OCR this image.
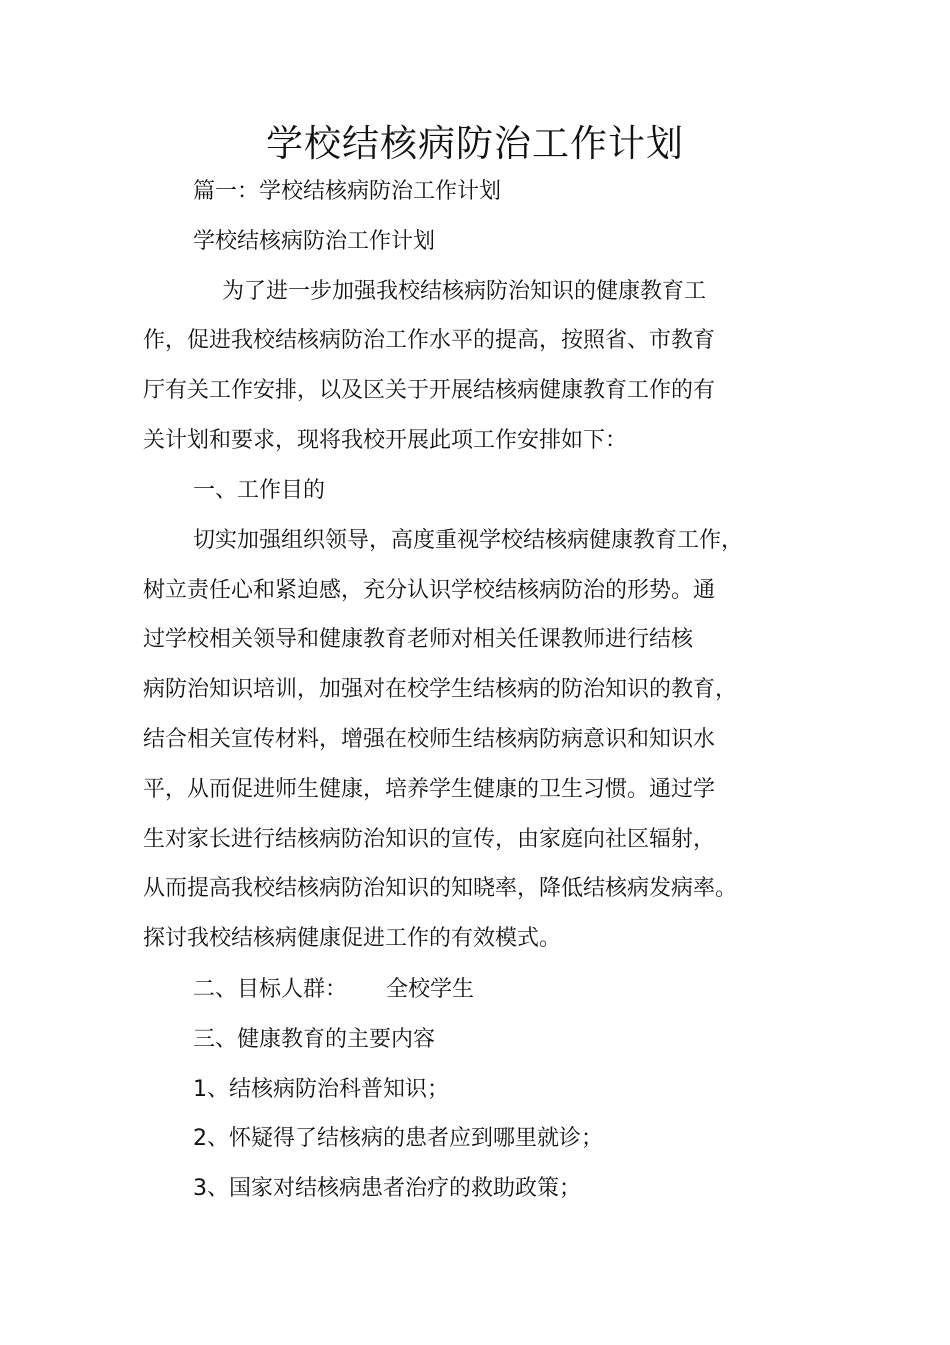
学校结核病防治工作计划

篇一：学校结核病防治工作计划

学校结核病防治工作计划

为了进一步加强我校结核病防治知识的健康教育工

作，促进我校结核病防治工作水平的提高，按照省、市教育

厅有关工作安排，以及区关于开展结核病健康教育工作的有

关计划和要求，现将我校开展此项工作安排如下：

一、工作目的

切实加强组织领导，高度重视学校结核病健康教育工作，

树立责任心和紧迫感，充分认识学校结核病防治的形势。通

过学校相关领导和健康教育老师对相关任课教师进行结核

病防治知识培训，加强对在校学生结核病的防治知识的教育，

结合相关宣传材料，增强在校师生结核病防病意识和知识水

平，从而促进师生健康，培养学生健康的卫生习惯。通过学

生对家长进行结核病防治知识的宣传，由家庭向社区辐射，

从而提高我校结核病防治知识的知晓率，降低结核病发病率。

探讨我校结核病健康促进工作的有效模式。

二、目标人群： 全校学生

三、健康教育的主要内容

1、结核病防治科普知识；

2、怀疑得了结核病的患者应到哪里就诊；

3、国家对结核病患者治疗的救助政策；
